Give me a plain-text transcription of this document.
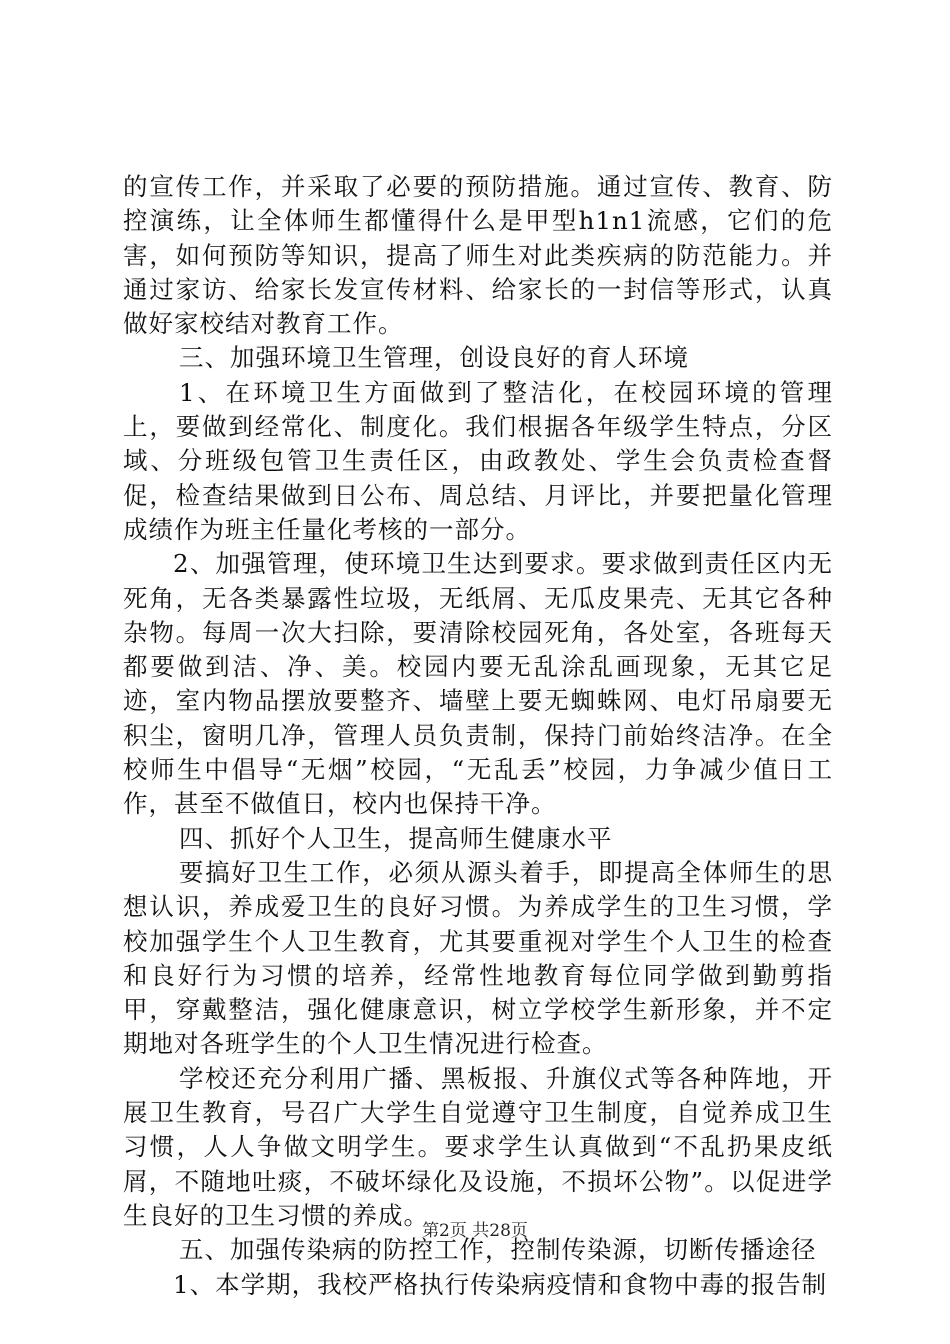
的宣传工作，并采取了必要的预防措施。通过宣传、教育、防控演练，让全体师生都懂得什么是甲型h1n1流感，它们的危害，如何预防等知识，提高了师生对此类疾病的防范能力。并通过家访、给家长发宣传材料、给家长的一封信等形式，认真做好家校结对教育工作。

三、加强环境卫生管理，创设良好的育人环境

1、在环境卫生方面做到了整洁化，在校园环境的管理上，要做到经常化、制度化。我们根据各年级学生特点，分区域、分班级包管卫生责任区，由政教处、学生会负责检查督促，检查结果做到日公布、周总结、月评比，并要把量化管理成绩作为班主任量化考核的一部分。

2、加强管理，使环境卫生达到要求。要求做到责任区内无死角，无各类暴露性垃圾，无纸屑、无瓜皮果壳、无其它各种杂物。每周一次大扫除，要清除校园死角，各处室，各班每天都要做到洁、净、美。校园内要无乱涂乱画现象，无其它足迹，室内物品摆放要整齐、墙壁上要无蜘蛛网、电灯吊扇要无积尘，窗明几净，管理人员负责制，保持门前始终洁净。在全校师生中倡导“无烟”校园，“无乱丢”校园，力争减少值日工作，甚至不做值日，校内也保持干净。

四、抓好个人卫生，提高师生健康水平

要搞好卫生工作，必须从源头着手，即提高全体师生的思想认识，养成爱卫生的良好习惯。为养成学生的卫生习惯，学校加强学生个人卫生教育，尤其要重视对学生个人卫生的检查和良好行为习惯的培养，经常性地教育每位同学做到勤剪指甲，穿戴整洁，强化健康意识，树立学校学生新形象，并不定期地对各班学生的个人卫生情况进行检查。

学校还充分利用广播、黑板报、升旗仪式等各种阵地，开展卫生教育，号召广大学生自觉遵守卫生制度，自觉养成卫生习惯，人人争做文明学生。要求学生认真做到“不乱扔果皮纸屑，不随地吐痰，不破坏绿化及设施，不损坏公物”。以促进学生良好的卫生习惯的养成。

五、加强传染病的防控工作，控制传染源，切断传播途径

1、本学期，我校严格执行传染病疫情和食物中毒的报告制

第2页 共28页
